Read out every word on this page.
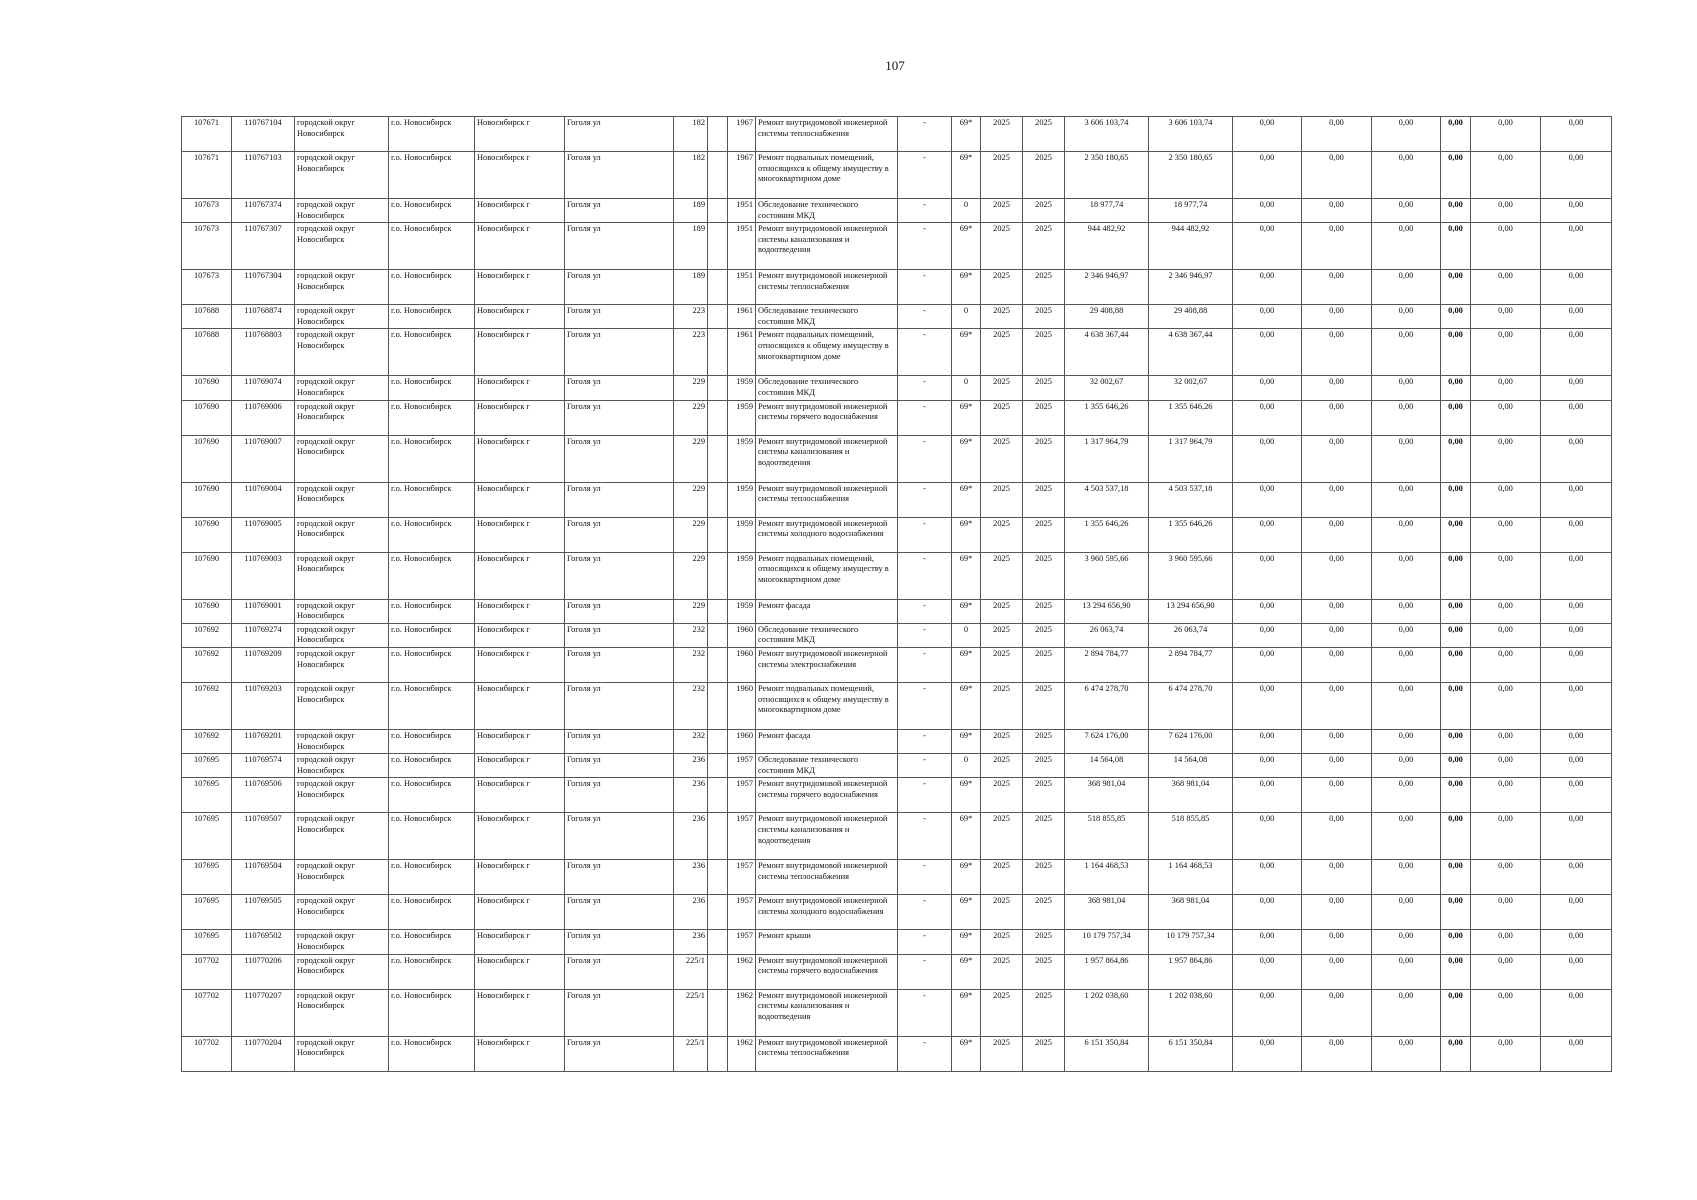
107
107671	110767104	городской округ Новосибирск	г.о. Новосибирск	Новосибирск г	Гоголя ул	182		1967	Ремонт внутридомовой инженерной системы теплоснабжения	-	69*	2025	2025	3 606 103,74	3 606 103,74	0,00	0,00	0,00	0,00	0,00	0,00
107671	110767103	городской округ Новосибирск	г.о. Новосибирск	Новосибирск г	Гоголя ул	182		1967	Ремонт подвальных помещений, относящихся к общему имуществу в многоквартирном доме	-	69*	2025	2025	2 350 180,65	2 350 180,65	0,00	0,00	0,00	0,00	0,00	0,00
107673	110767374	городской округ Новосибирск	г.о. Новосибирск	Новосибирск г	Гоголя ул	189		1951	Обследование технического состояния МКД	-	0	2025	2025	18 977,74	18 977,74	0,00	0,00	0,00	0,00	0,00	0,00
107673	110767307	городской округ Новосибирск	г.о. Новосибирск	Новосибирск г	Гоголя ул	189		1951	Ремонт внутридомовой инженерной системы канализования и водоотведения	-	69*	2025	2025	944 482,92	944 482,92	0,00	0,00	0,00	0,00	0,00	0,00
107673	110767304	городской округ Новосибирск	г.о. Новосибирск	Новосибирск г	Гоголя ул	189		1951	Ремонт внутридомовой инженерной системы теплоснабжения	-	69*	2025	2025	2 346 946,97	2 346 946,97	0,00	0,00	0,00	0,00	0,00	0,00
107688	110768874	городской округ Новосибирск	г.о. Новосибирск	Новосибирск г	Гоголя ул	223		1961	Обследование технического состояния МКД	-	0	2025	2025	29 408,88	29 408,88	0,00	0,00	0,00	0,00	0,00	0,00
107688	110768803	городской округ Новосибирск	г.о. Новосибирск	Новосибирск г	Гоголя ул	223		1961	Ремонт подвальных помещений, относящихся к общему имуществу в многоквартирном доме	-	69*	2025	2025	4 638 367,44	4 638 367,44	0,00	0,00	0,00	0,00	0,00	0,00
107690	110769074	городской округ Новосибирск	г.о. Новосибирск	Новосибирск г	Гоголя ул	229		1959	Обследование технического состояния МКД	-	0	2025	2025	32 002,67	32 002,67	0,00	0,00	0,00	0,00	0,00	0,00
107690	110769006	городской округ Новосибирск	г.о. Новосибирск	Новосибирск г	Гоголя ул	229		1959	Ремонт внутридомовой инженерной системы горячего водоснабжения	-	69*	2025	2025	1 355 646,26	1 355 646,26	0,00	0,00	0,00	0,00	0,00	0,00
107690	110769007	городской округ Новосибирск	г.о. Новосибирск	Новосибирск г	Гоголя ул	229		1959	Ремонт внутридомовой инженерной системы канализования и водоотведения	-	69*	2025	2025	1 317 964,79	1 317 964,79	0,00	0,00	0,00	0,00	0,00	0,00
107690	110769004	городской округ Новосибирск	г.о. Новосибирск	Новосибирск г	Гоголя ул	229		1959	Ремонт внутридомовой инженерной системы теплоснабжения	-	69*	2025	2025	4 503 537,18	4 503 537,18	0,00	0,00	0,00	0,00	0,00	0,00
107690	110769005	городской округ Новосибирск	г.о. Новосибирск	Новосибирск г	Гоголя ул	229		1959	Ремонт внутридомовой инженерной системы холодного водоснабжения	-	69*	2025	2025	1 355 646,26	1 355 646,26	0,00	0,00	0,00	0,00	0,00	0,00
107690	110769003	городской округ Новосибирск	г.о. Новосибирск	Новосибирск г	Гоголя ул	229		1959	Ремонт подвальных помещений, относящихся к общему имуществу в многоквартирном доме	-	69*	2025	2025	3 960 595,66	3 960 595,66	0,00	0,00	0,00	0,00	0,00	0,00
107690	110769001	городской округ Новосибирск	г.о. Новосибирск	Новосибирск г	Гоголя ул	229		1959	Ремонт фасада	-	69*	2025	2025	13 294 656,90	13 294 656,90	0,00	0,00	0,00	0,00	0,00	0,00
107692	110769274	городской округ Новосибирск	г.о. Новосибирск	Новосибирск г	Гоголя ул	232		1960	Обследование технического состояния МКД	-	0	2025	2025	26 063,74	26 063,74	0,00	0,00	0,00	0,00	0,00	0,00
107692	110769209	городской округ Новосибирск	г.о. Новосибирск	Новосибирск г	Гоголя ул	232		1960	Ремонт внутридомовой инженерной системы электроснабжения	-	69*	2025	2025	2 894 784,77	2 894 784,77	0,00	0,00	0,00	0,00	0,00	0,00
107692	110769203	городской округ Новосибирск	г.о. Новосибирск	Новосибирск г	Гоголя ул	232		1960	Ремонт подвальных помещений, относящихся к общему имуществу в многоквартирном доме	-	69*	2025	2025	6 474 278,70	6 474 278,70	0,00	0,00	0,00	0,00	0,00	0,00
107692	110769201	городской округ Новосибирск	г.о. Новосибирск	Новосибирск г	Гоголя ул	232		1960	Ремонт фасада	-	69*	2025	2025	7 624 176,00	7 624 176,00	0,00	0,00	0,00	0,00	0,00	0,00
107695	110769574	городской округ Новосибирск	г.о. Новосибирск	Новосибирск г	Гоголя ул	236		1957	Обследование технического состояния МКД	-	0	2025	2025	14 564,08	14 564,08	0,00	0,00	0,00	0,00	0,00	0,00
107695	110769506	городской округ Новосибирск	г.о. Новосибирск	Новосибирск г	Гоголя ул	236		1957	Ремонт внутридомовой инженерной системы горячего водоснабжения	-	69*	2025	2025	368 981,04	368 981,04	0,00	0,00	0,00	0,00	0,00	0,00
107695	110769507	городской округ Новосибирск	г.о. Новосибирск	Новосибирск г	Гоголя ул	236		1957	Ремонт внутридомовой инженерной системы канализования и водоотведения	-	69*	2025	2025	518 855,85	518 855,85	0,00	0,00	0,00	0,00	0,00	0,00
107695	110769504	городской округ Новосибирск	г.о. Новосибирск	Новосибирск г	Гоголя ул	236		1957	Ремонт внутридомовой инженерной системы теплоснабжения	-	69*	2025	2025	1 164 468,53	1 164 468,53	0,00	0,00	0,00	0,00	0,00	0,00
107695	110769505	городской округ Новосибирск	г.о. Новосибирск	Новосибирск г	Гоголя ул	236		1957	Ремонт внутридомовой инженерной системы холодного водоснабжения	-	69*	2025	2025	368 981,04	368 981,04	0,00	0,00	0,00	0,00	0,00	0,00
107695	110769502	городской округ Новосибирск	г.о. Новосибирск	Новосибирск г	Гоголя ул	236		1957	Ремонт крыши	-	69*	2025	2025	10 179 757,34	10 179 757,34	0,00	0,00	0,00	0,00	0,00	0,00
107702	110770206	городской округ Новосибирск	г.о. Новосибирск	Новосибирск г	Гоголя ул	225/1		1962	Ремонт внутридомовой инженерной системы горячего водоснабжения	-	69*	2025	2025	1 957 864,86	1 957 864,86	0,00	0,00	0,00	0,00	0,00	0,00
107702	110770207	городской округ Новосибирск	г.о. Новосибирск	Новосибирск г	Гоголя ул	225/1		1962	Ремонт внутридомовой инженерной системы канализования и водоотведения	-	69*	2025	2025	1 202 038,60	1 202 038,60	0,00	0,00	0,00	0,00	0,00	0,00
107702	110770204	городской округ Новосибирск	г.о. Новосибирск	Новосибирск г	Гоголя ул	225/1		1962	Ремонт внутридомовой инженерной системы теплоснабжения	-	69*	2025	2025	6 151 350,84	6 151 350,84	0,00	0,00	0,00	0,00	0,00	0,00
